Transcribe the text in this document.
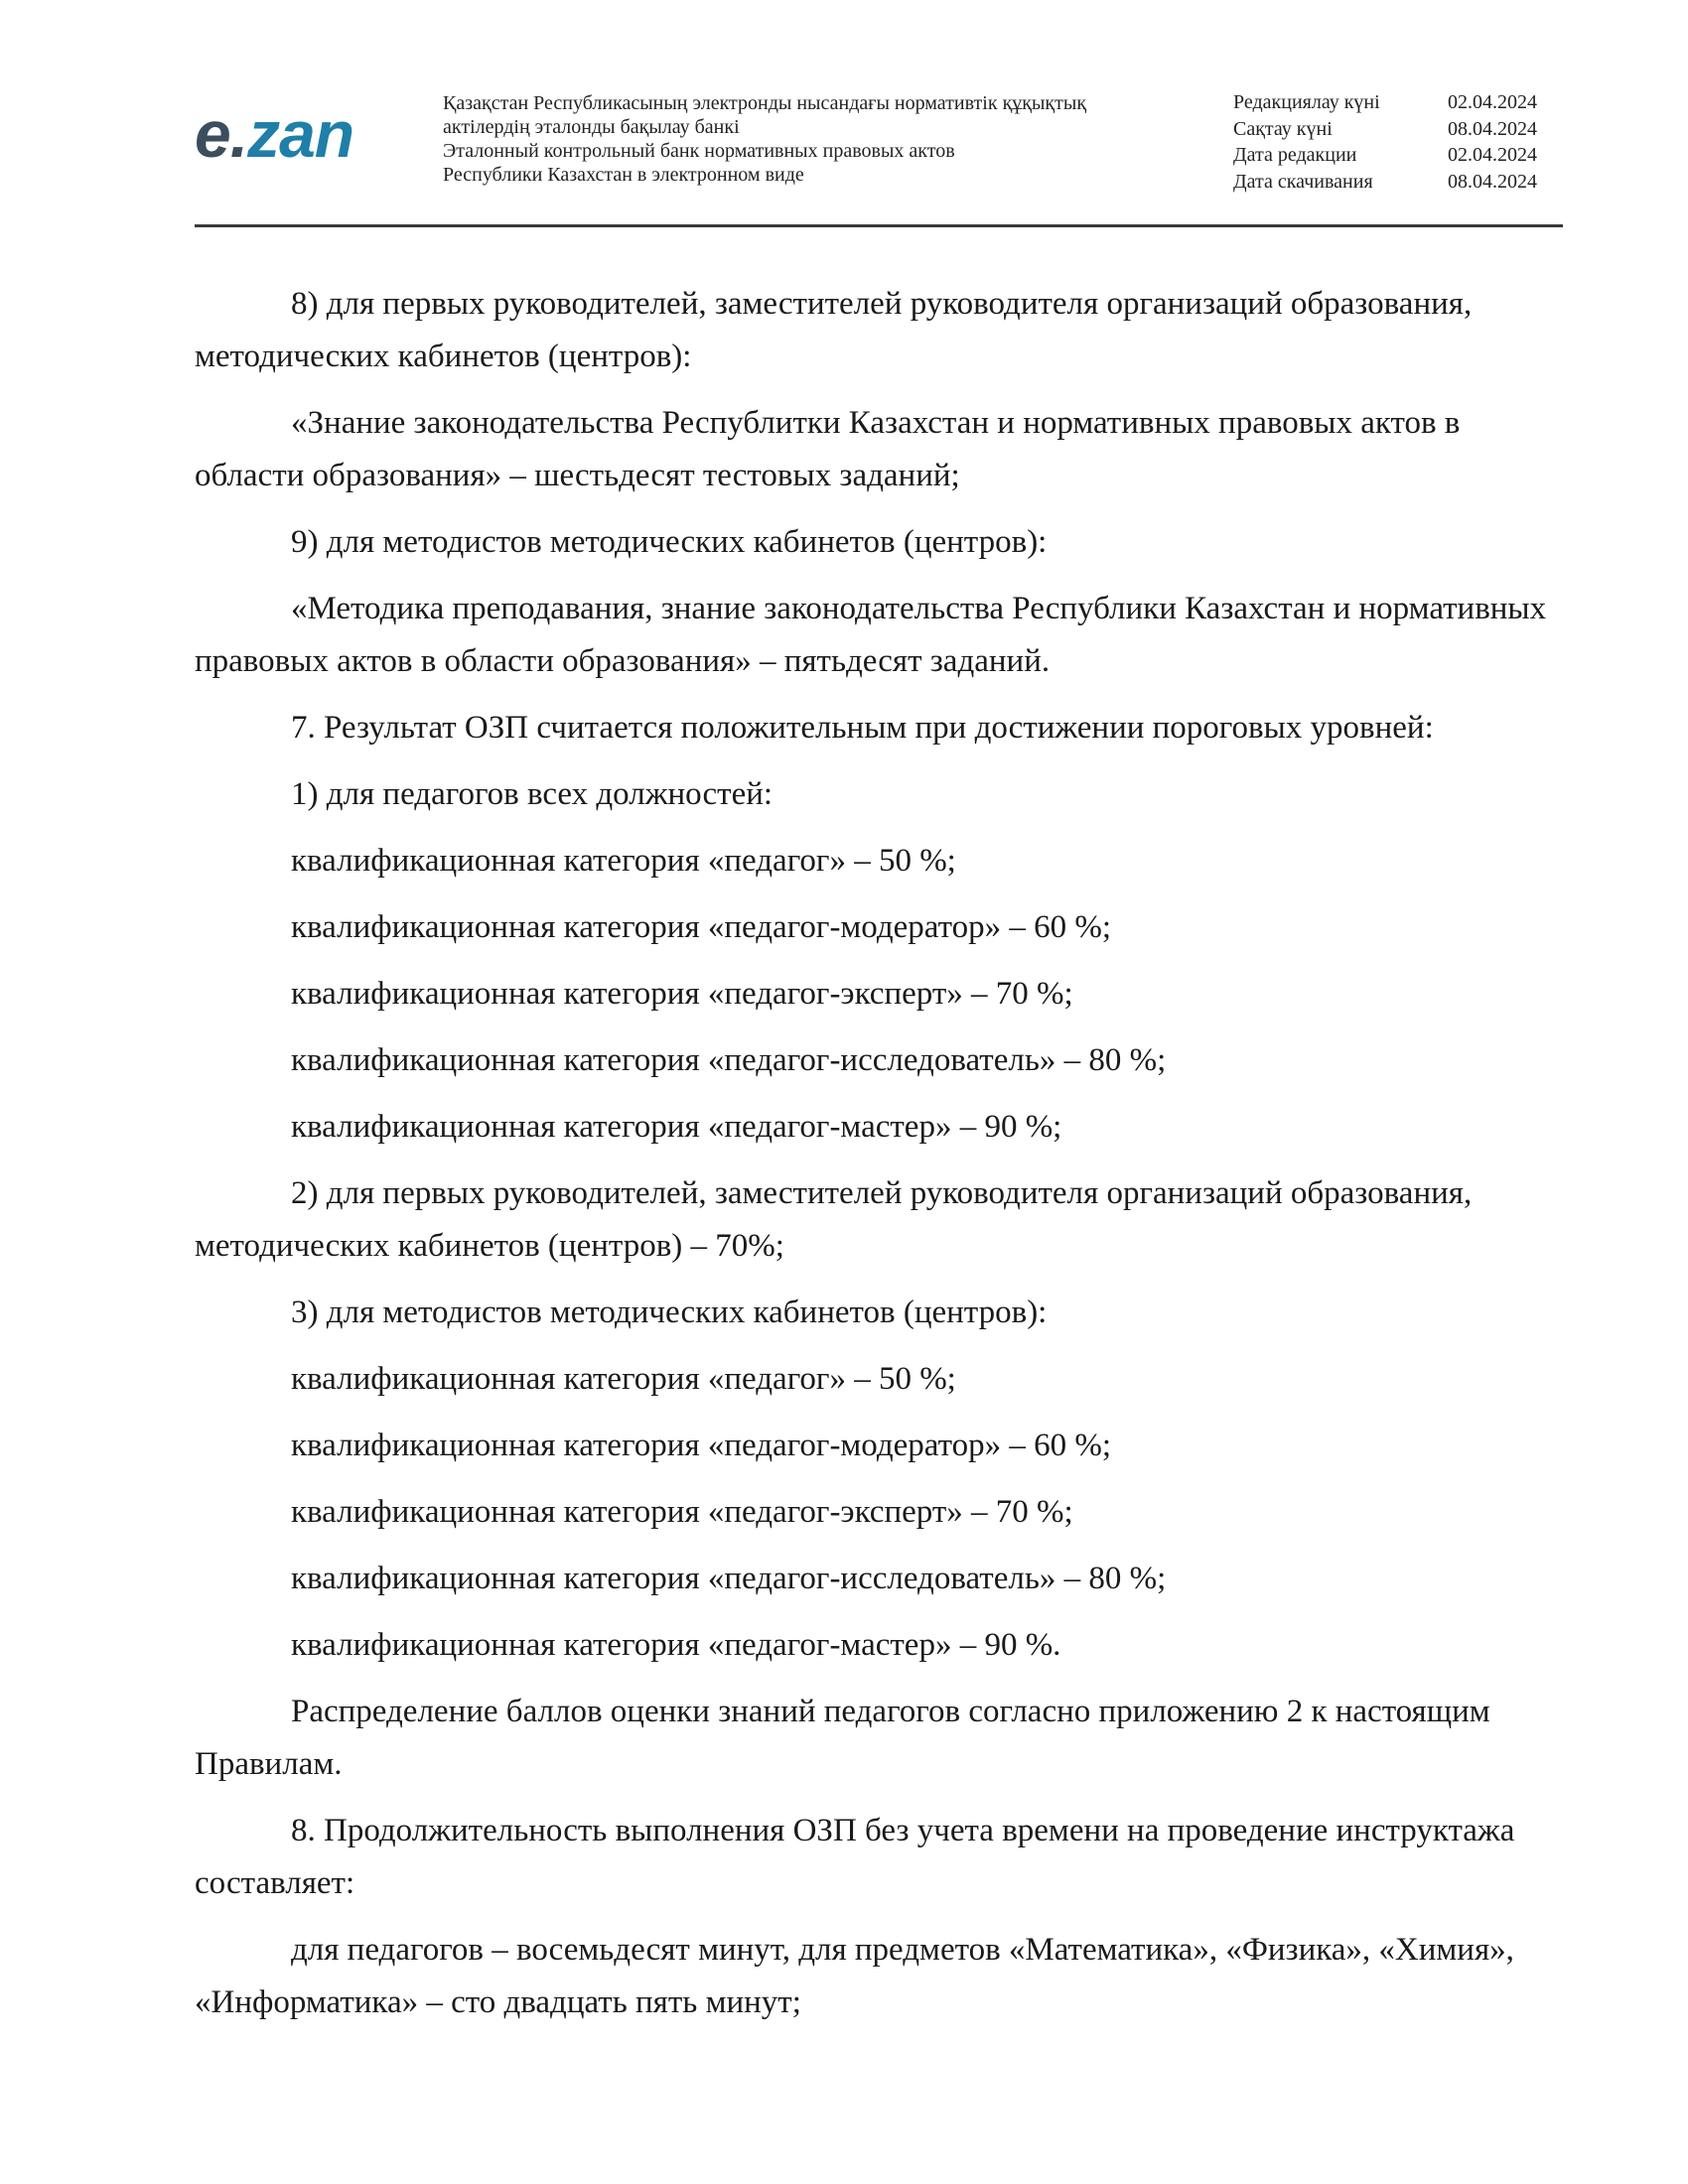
e.zan	Қазақстан Республикасының электронды нысандағы нормативтік құқықтық
актілердің эталонды бақылау банкі
Эталонный контрольный банк нормативных правовых актов
Республики Казахстан в электронном виде
Редакциялау күні	02.04.2024
Сақтау күні	08.04.2024
Дата редакции	02.04.2024
Дата скачивания	08.04.2024

8) для первых руководителей, заместителей руководителя организаций образования, методических кабинетов (центров):

«Знание законодательства Республитки Казахстан и нормативных правовых актов в области образования» – шестьдесят тестовых заданий;

9) для методистов методических кабинетов (центров):

«Методика преподавания, знание законодательства Республики Казахстан и нормативных правовых актов в области образования» – пятьдесят заданий.

7. Результат ОЗП считается положительным при достижении пороговых уровней:

1) для педагогов всех должностей:

квалификационная категория «педагог» – 50 %;

квалификационная категория «педагог-модератор» – 60 %;

квалификационная категория «педагог-эксперт» – 70 %;

квалификационная категория «педагог-исследователь» – 80 %;

квалификационная категория «педагог-мастер» – 90 %;

2) для первых руководителей, заместителей руководителя организаций образования, методических кабинетов (центров) – 70%;

3) для методистов методических кабинетов (центров):

квалификационная категория «педагог» – 50 %;

квалификационная категория «педагог-модератор» – 60 %;

квалификационная категория «педагог-эксперт» – 70 %;

квалификационная категория «педагог-исследователь» – 80 %;

квалификационная категория «педагог-мастер» – 90 %.

Распределение баллов оценки знаний педагогов согласно приложению 2 к настоящим Правилам.

8. Продолжительность выполнения ОЗП без учета времени на проведение инструктажа составляет:

для педагогов – восемьдесят минут, для предметов «Математика», «Физика», «Химия», «Информатика» – сто двадцать пять минут;
